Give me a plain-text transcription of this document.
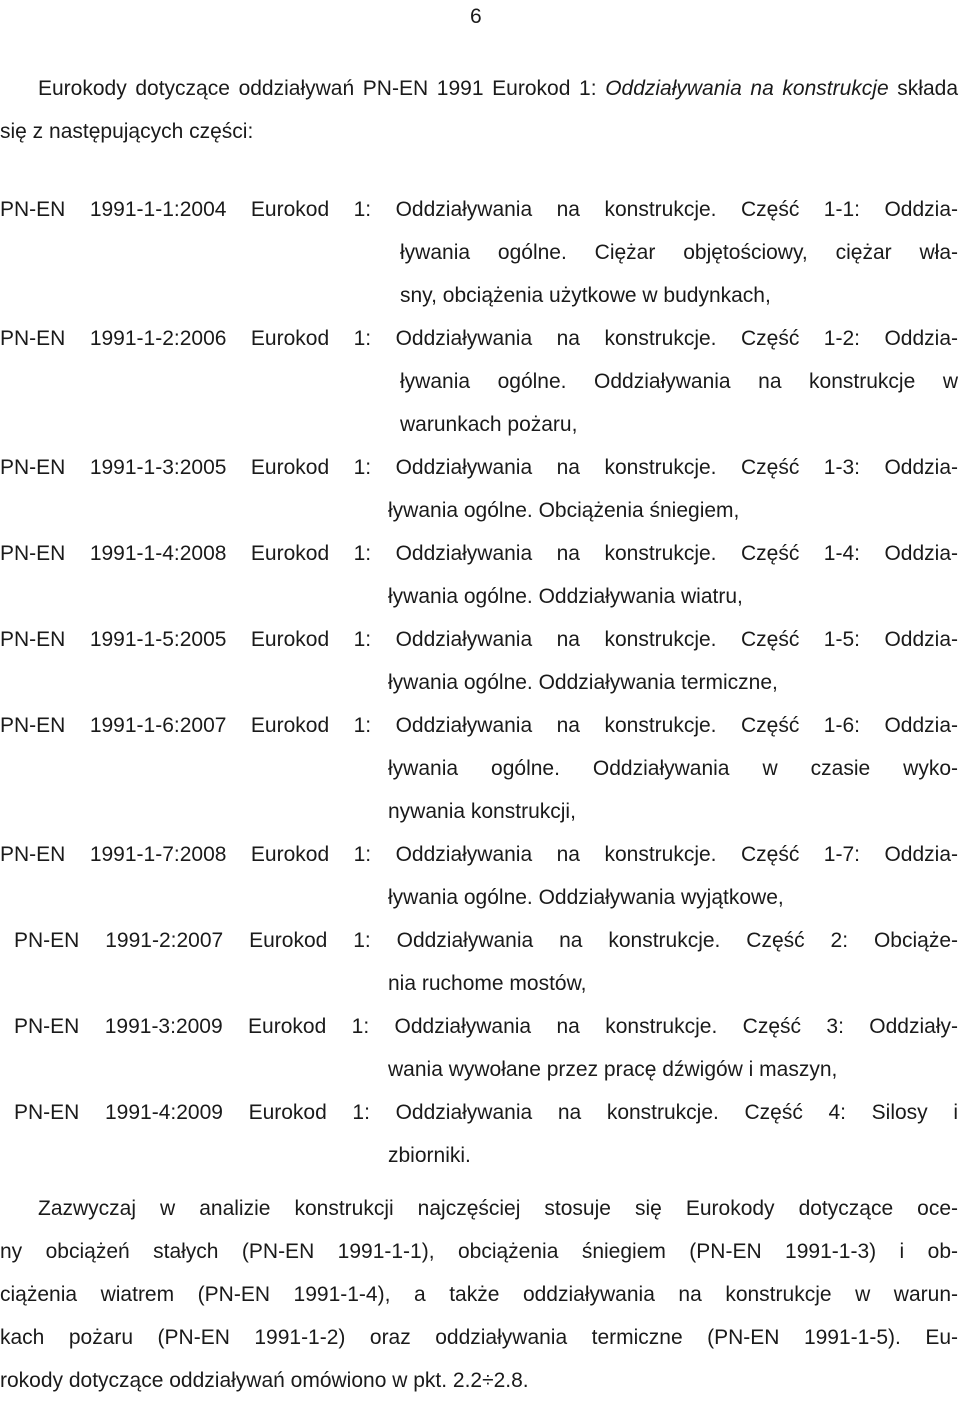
6

Eurokody dotyczące oddziaływań PN-EN 1991 Eurokod 1: Oddziaływania na konstrukcje składa się z następujących części:

PN-EN 1991-1-1:2004 Eurokod 1: Oddziaływania na konstrukcje. Część 1-1: Oddzia-
ływania ogólne. Ciężar objętościowy, ciężar wła-
sny, obciążenia użytkowe w budynkach,
PN-EN 1991-1-2:2006 Eurokod 1: Oddziaływania na konstrukcje. Część 1-2: Oddzia-
ływania ogólne. Oddziaływania na konstrukcje w
warunkach pożaru,
PN-EN 1991-1-3:2005 Eurokod 1: Oddziaływania na konstrukcje. Część 1-3: Oddzia-
ływania ogólne. Obciążenia śniegiem,
PN-EN 1991-1-4:2008 Eurokod 1: Oddziaływania na konstrukcje. Część 1-4: Oddzia-
ływania ogólne. Oddziaływania wiatru,
PN-EN 1991-1-5:2005 Eurokod 1: Oddziaływania na konstrukcje. Część 1-5: Oddzia-
ływania ogólne. Oddziaływania termiczne,
PN-EN 1991-1-6:2007 Eurokod 1: Oddziaływania na konstrukcje. Część 1-6: Oddzia-
ływania ogólne. Oddziaływania w czasie wyko-
nywania konstrukcji,
PN-EN 1991-1-7:2008 Eurokod 1: Oddziaływania na konstrukcje. Część 1-7: Oddzia-
ływania ogólne. Oddziaływania wyjątkowe,
PN-EN 1991-2:2007 Eurokod 1: Oddziaływania na konstrukcje. Część 2: Obciąże-
nia ruchome mostów,
PN-EN 1991-3:2009 Eurokod 1: Oddziaływania na konstrukcje. Część 3: Oddziały-
wania wywołane przez pracę dźwigów i maszyn,
PN-EN 1991-4:2009 Eurokod 1: Oddziaływania na konstrukcje. Część 4: Silosy i
zbiorniki.
Zazwyczaj w analizie konstrukcji najczęściej stosuje się Eurokody dotyczące oce-
ny obciążeń stałych (PN-EN 1991-1-1), obciążenia śniegiem (PN-EN 1991-1-3) i ob-
ciążenia wiatrem (PN-EN 1991-1-4), a także oddziaływania na konstrukcje w warun-
kach pożaru (PN-EN 1991-1-2) oraz oddziaływania termiczne (PN-EN 1991-1-5). Eu-
rokody dotyczące oddziaływań omówiono w pkt. 2.2÷2.8.
